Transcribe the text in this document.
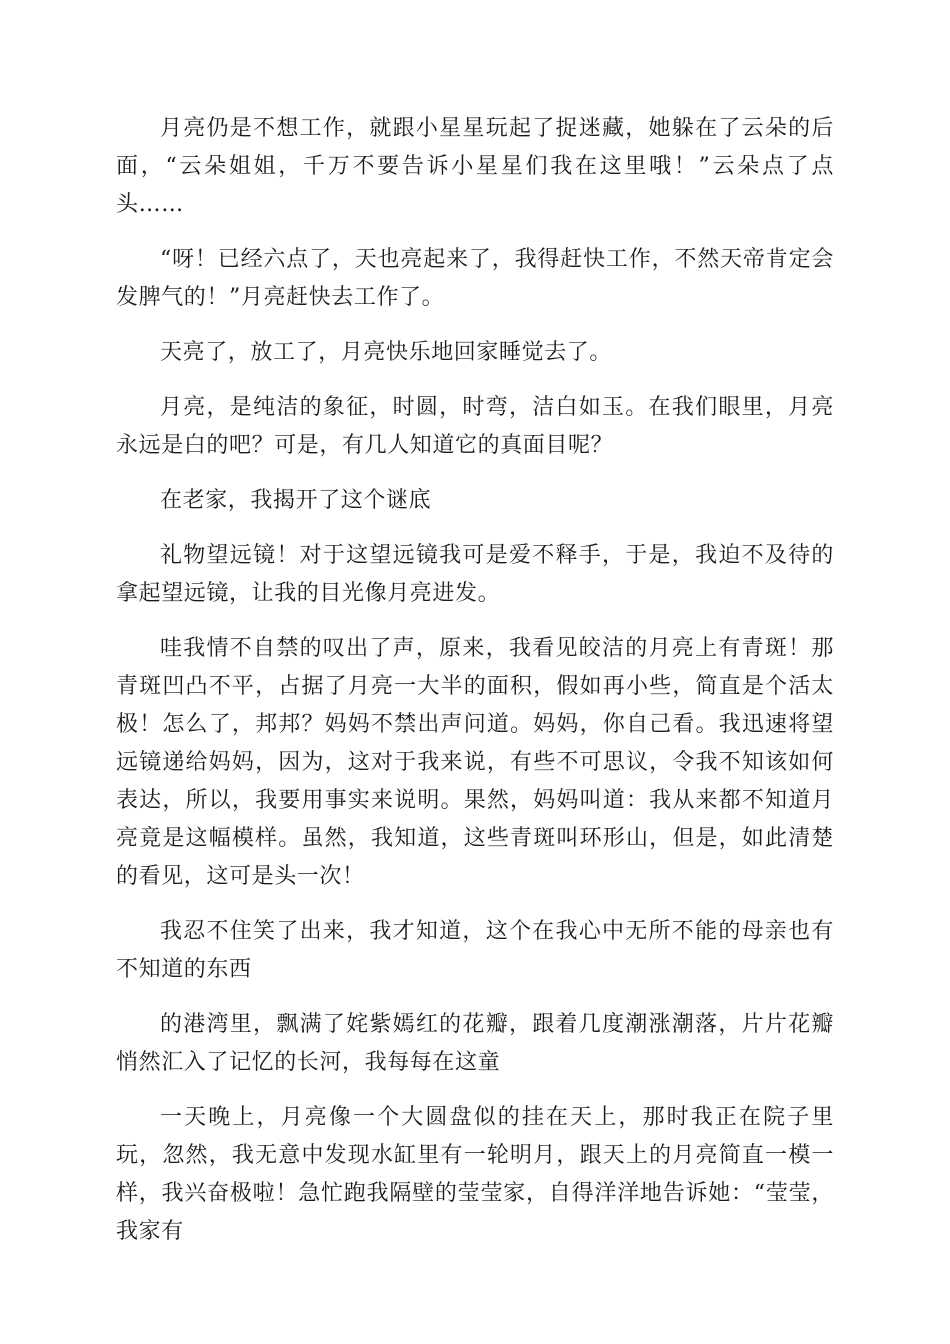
月亮仍是不想工作，就跟小星星玩起了捉迷藏，她躲在了云朵的后面，“云朵姐姐，千万不要告诉小星星们我在这里哦！”云朵点了点头……

“呀！已经六点了，天也亮起来了，我得赶快工作，不然天帝肯定会发脾气的！”月亮赶快去工作了。

天亮了，放工了，月亮快乐地回家睡觉去了。

月亮，是纯洁的象征，时圆，时弯，洁白如玉。在我们眼里，月亮永远是白的吧？可是，有几人知道它的真面目呢？

在老家，我揭开了这个谜底

礼物望远镜！对于这望远镜我可是爱不释手，于是，我迫不及待的拿起望远镜，让我的目光像月亮进发。

哇我情不自禁的叹出了声，原来，我看见皎洁的月亮上有青斑！那青斑凹凸不平，占据了月亮一大半的面积，假如再小些，简直是个活太极！怎么了，邦邦？妈妈不禁出声问道。妈妈，你自己看。我迅速将望远镜递给妈妈，因为，这对于我来说，有些不可思议，令我不知该如何表达，所以，我要用事实来说明。果然，妈妈叫道：我从来都不知道月亮竟是这幅模样。虽然，我知道，这些青斑叫环形山，但是，如此清楚的看见，这可是头一次！

我忍不住笑了出来，我才知道，这个在我心中无所不能的母亲也有不知道的东西

的港湾里，飘满了姹紫嫣红的花瓣，跟着几度潮涨潮落，片片花瓣悄然汇入了记忆的长河，我每每在这童

一天晚上，月亮像一个大圆盘似的挂在天上，那时我正在院子里玩，忽然，我无意中发现水缸里有一轮明月，跟天上的月亮简直一模一样，我兴奋极啦！急忙跑我隔壁的莹莹家，自得洋洋地告诉她：“莹莹，我家有
